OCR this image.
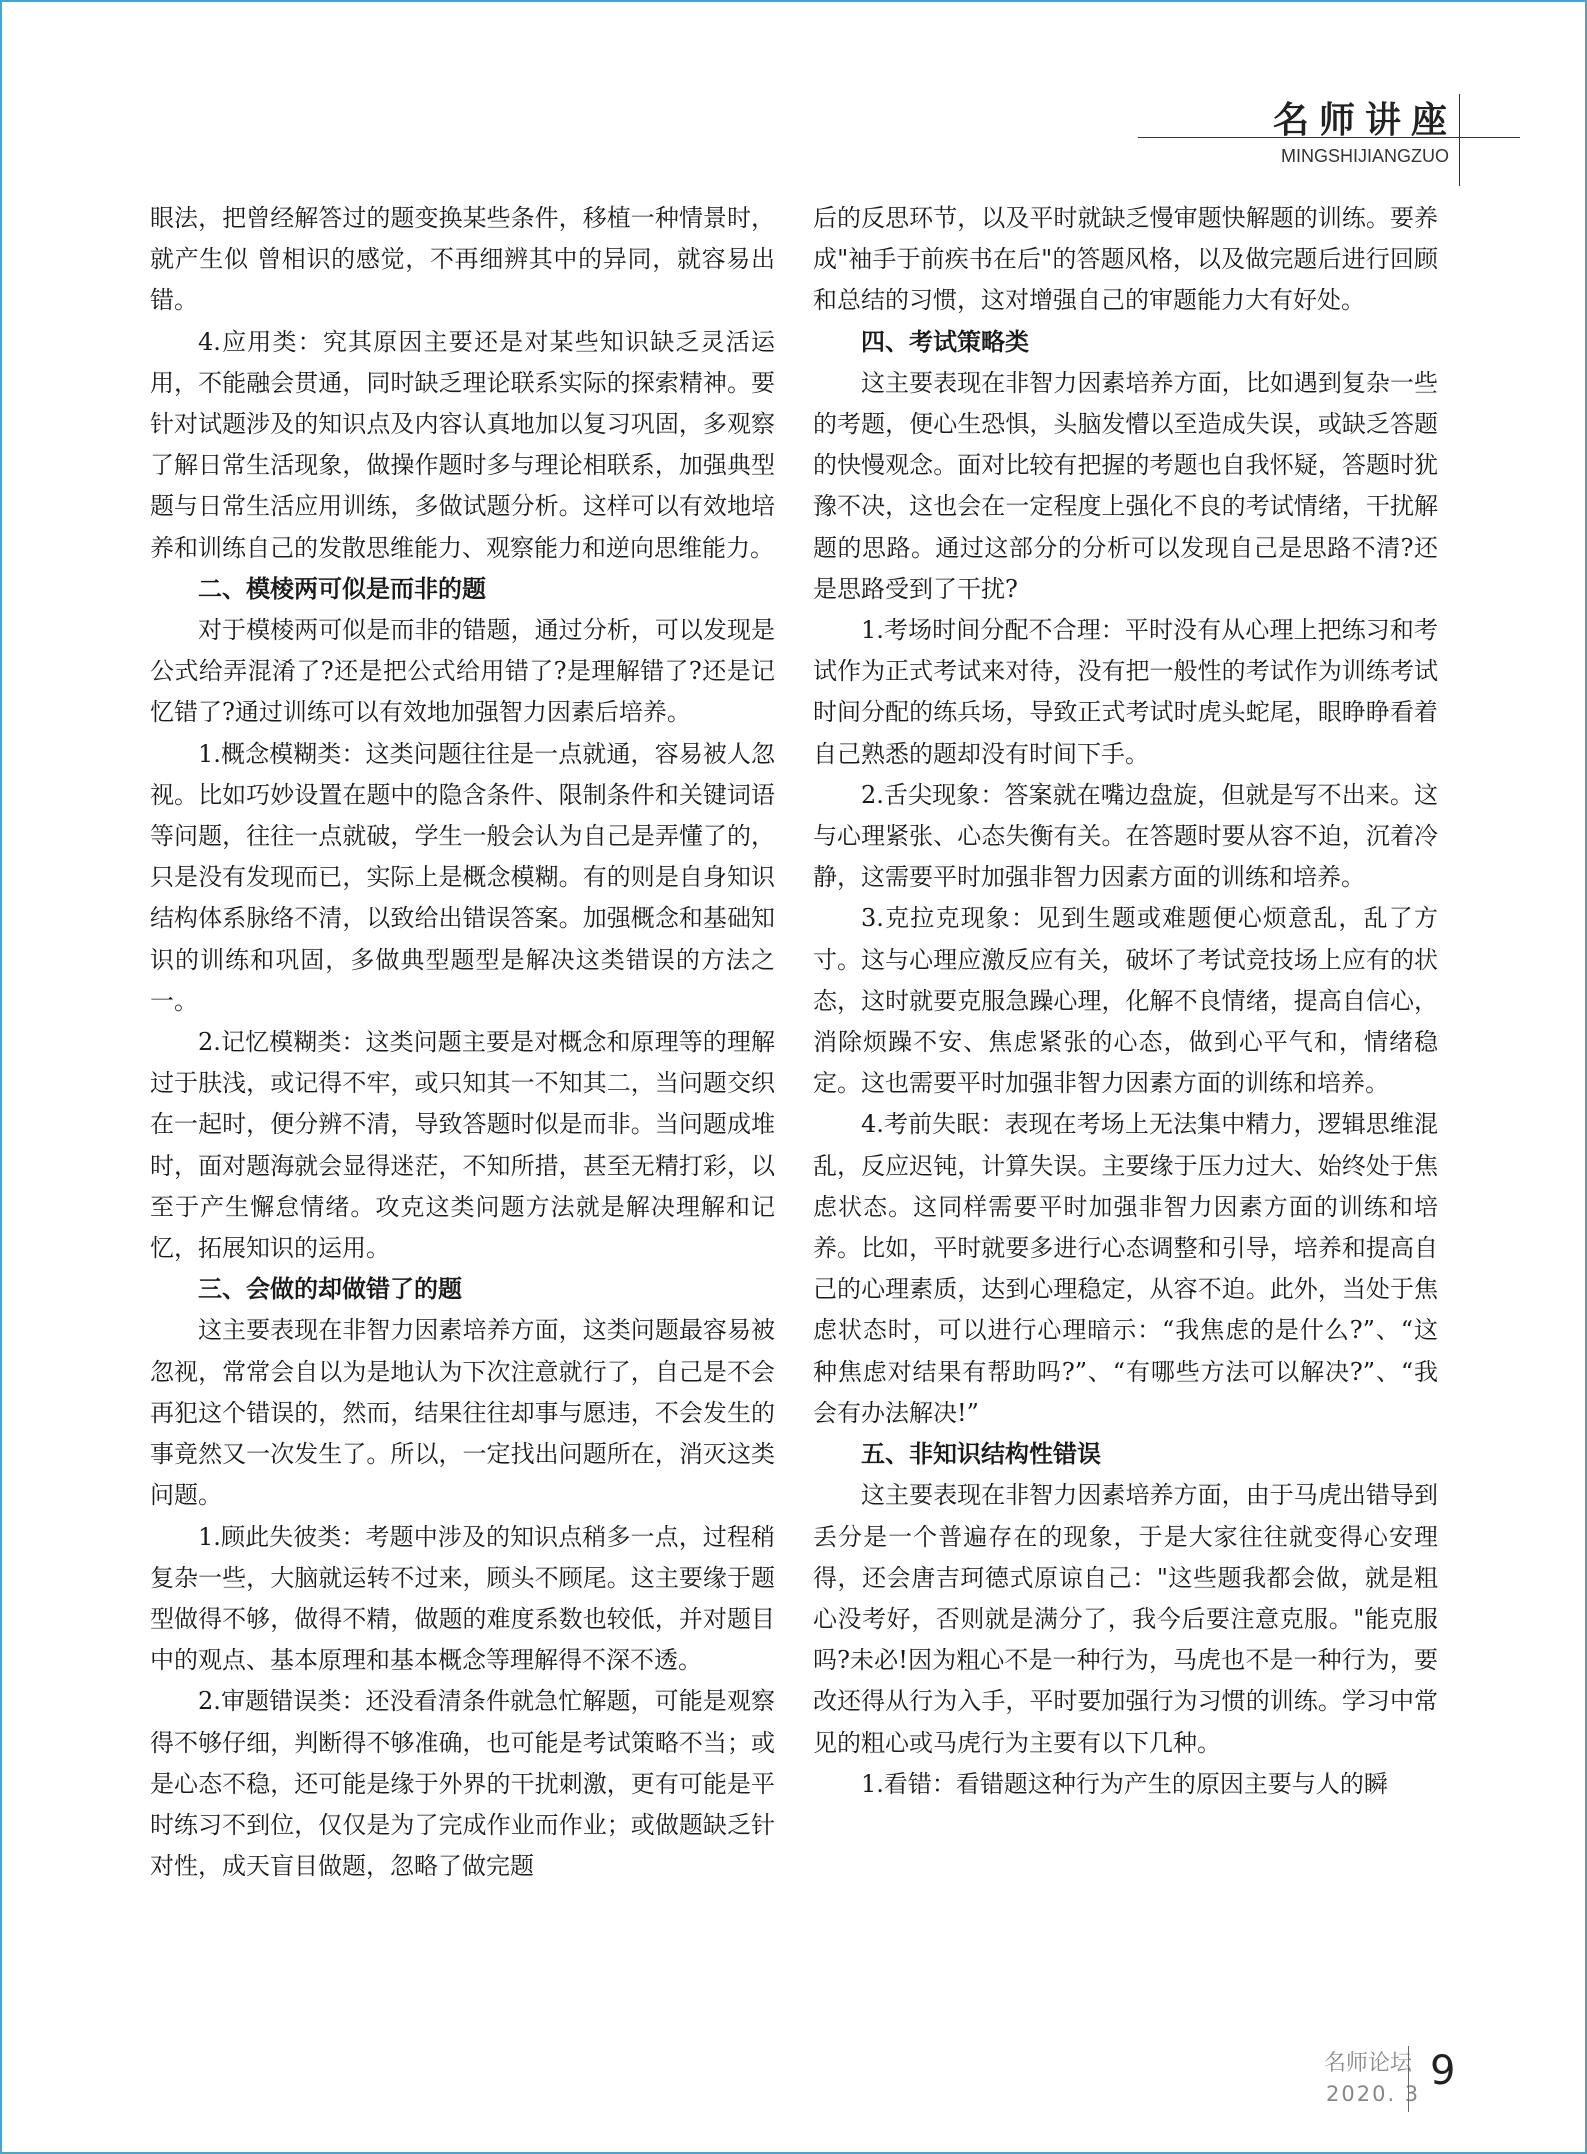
名师讲座
MINGSHIJIANGZUO

眼法，把曾经解答过的题变换某些条件，移植一种情景时，就产生似 曾相识的感觉，不再细辨其中的异同，就容易出错。

4.应用类：究其原因主要还是对某些知识缺乏灵活运用，不能融会贯通，同时缺乏理论联系实际的探索精神。要针对试题涉及的知识点及内容认真地加以复习巩固，多观察了解日常生活现象，做操作题时多与理论相联系，加强典型题与日常生活应用训练，多做试题分析。这样可以有效地培养和训练自己的发散思维能力、观察能力和逆向思维能力。

二、模棱两可似是而非的题

对于模棱两可似是而非的错题，通过分析，可以发现是公式给弄混淆了?还是把公式给用错了?是理解错了?还是记忆错了?通过训练可以有效地加强智力因素后培养。

1.概念模糊类：这类问题往往是一点就通，容易被人忽视。比如巧妙设置在题中的隐含条件、限制条件和关键词语等问题，往往一点就破，学生一般会认为自己是弄懂了的，只是没有发现而已，实际上是概念模糊。有的则是自身知识结构体系脉络不清，以致给出错误答案。加强概念和基础知识的训练和巩固，多做典型题型是解决这类错误的方法之一。

2.记忆模糊类：这类问题主要是对概念和原理等的理解过于肤浅，或记得不牢，或只知其一不知其二，当问题交织在一起时，便分辨不清，导致答题时似是而非。当问题成堆时，面对题海就会显得迷茫，不知所措，甚至无精打彩，以至于产生懈怠情绪。攻克这类问题方法就是解决理解和记忆，拓展知识的运用。

三、会做的却做错了的题

这主要表现在非智力因素培养方面，这类问题最容易被忽视，常常会自以为是地认为下次注意就行了，自己是不会再犯这个错误的，然而，结果往往却事与愿违，不会发生的事竟然又一次发生了。所以，一定找出问题所在，消灭这类问题。

1.顾此失彼类：考题中涉及的知识点稍多一点，过程稍复杂一些，大脑就运转不过来，顾头不顾尾。这主要缘于题型做得不够，做得不精，做题的难度系数也较低，并对题目中的观点、基本原理和基本概念等理解得不深不透。

2.审题错误类：还没看清条件就急忙解题，可能是观察得不够仔细，判断得不够准确，也可能是考试策略不当；或是心态不稳，还可能是缘于外界的干扰刺激，更有可能是平时练习不到位，仅仅是为了完成作业而作业；或做题缺乏针对性，成天盲目做题，忽略了做完题

后的反思环节，以及平时就缺乏慢审题快解题的训练。要养成"袖手于前疾书在后"的答题风格，以及做完题后进行回顾和总结的习惯，这对增强自己的审题能力大有好处。

四、考试策略类

这主要表现在非智力因素培养方面，比如遇到复杂一些的考题，便心生恐惧，头脑发懵以至造成失误，或缺乏答题的快慢观念。面对比较有把握的考题也自我怀疑，答题时犹豫不决，这也会在一定程度上强化不良的考试情绪，干扰解题的思路。通过这部分的分析可以发现自己是思路不清?还是思路受到了干扰?

1.考场时间分配不合理：平时没有从心理上把练习和考试作为正式考试来对待，没有把一般性的考试作为训练考试时间分配的练兵场，导致正式考试时虎头蛇尾，眼睁睁看着自己熟悉的题却没有时间下手。

2.舌尖现象：答案就在嘴边盘旋，但就是写不出来。这与心理紧张、心态失衡有关。在答题时要从容不迫，沉着冷静，这需要平时加强非智力因素方面的训练和培养。

3.克拉克现象：见到生题或难题便心烦意乱，乱了方寸。这与心理应激反应有关，破坏了考试竞技场上应有的状态，这时就要克服急躁心理，化解不良情绪，提高自信心，消除烦躁不安、焦虑紧张的心态，做到心平气和，情绪稳定。这也需要平时加强非智力因素方面的训练和培养。

4.考前失眠：表现在考场上无法集中精力，逻辑思维混乱，反应迟钝，计算失误。主要缘于压力过大、始终处于焦虑状态。这同样需要平时加强非智力因素方面的训练和培养。比如，平时就要多进行心态调整和引导，培养和提高自己的心理素质，达到心理稳定，从容不迫。此外，当处于焦虑状态时，可以进行心理暗示：“我焦虑的是什么?”、“这种焦虑对结果有帮助吗?”、“有哪些方法可以解决?”、“我会有办法解决!”

五、非知识结构性错误

这主要表现在非智力因素培养方面，由于马虎出错导到丢分是一个普遍存在的现象，于是大家往往就变得心安理得，还会唐吉珂德式原谅自己："这些题我都会做，就是粗心没考好，否则就是满分了，我今后要注意克服。"能克服吗?未必!因为粗心不是一种行为，马虎也不是一种行为，要改还得从行为入手，平时要加强行为习惯的训练。学习中常见的粗心或马虎行为主要有以下几种。

1.看错：看错题这种行为产生的原因主要与人的瞬

名师论坛
2020. 3 9
